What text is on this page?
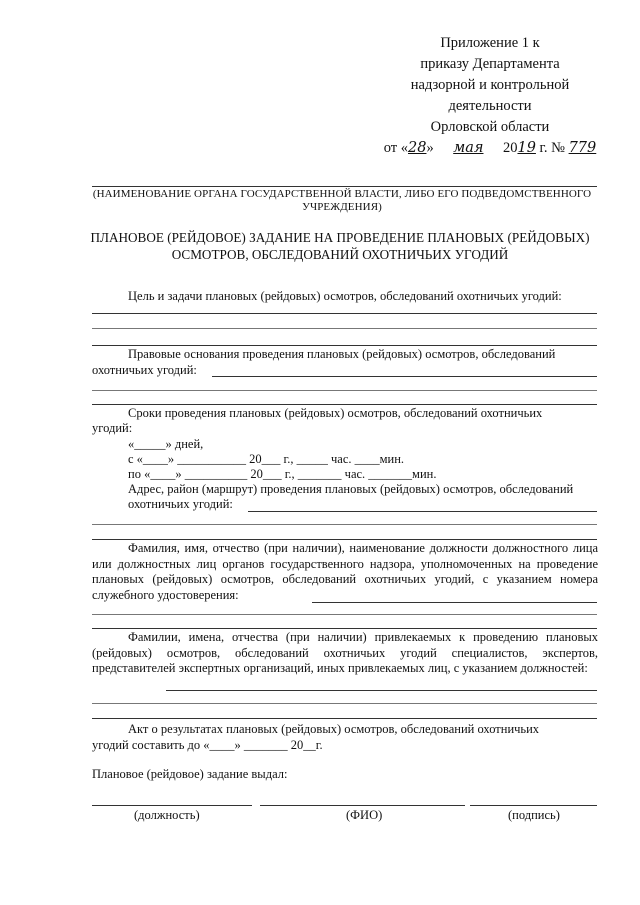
Приложение 1 к
приказу Департамента
надзорной и контрольной
деятельности
Орловской области
от «28» мая 2019 г. № 779
(НАИМЕНОВАНИЕ ОРГАНА ГОСУДАРСТВЕННОЙ ВЛАСТИ, ЛИБО ЕГО ПОДВЕДОМСТВЕННОГО УЧРЕЖДЕНИЯ)
ПЛАНОВОЕ (РЕЙДОВОЕ) ЗАДАНИЕ НА ПРОВЕДЕНИЕ ПЛАНОВЫХ (РЕЙДОВЫХ) ОСМОТРОВ, ОБСЛЕДОВАНИЙ ОХОТНИЧЬИХ УГОДИЙ
Цель и задачи плановых (рейдовых) осмотров, обследований охотничьих угодий:
Правовые основания проведения плановых (рейдовых) осмотров, обследований
охотничьих угодий:
Сроки проведения плановых (рейдовых) осмотров, обследований охотничьих
угодий:
«_____» дней,
с «____» ___________ 20___ г., _____ час. ____мин.
по «____» __________ 20___ г., _______ час. _______мин.
Адрес, район (маршрут) проведения плановых (рейдовых) осмотров, обследований
охотничьих угодий:
Фамилия, имя, отчество (при наличии), наименование должности должностного лица или должностных лиц органов государственного надзора, уполномоченных на проведение плановых (рейдовых) осмотров, обследований охотничьих угодий, с указанием номера служебного удостоверения:
Фамилии, имена, отчества (при наличии) привлекаемых к проведению плановых (рейдовых) осмотров, обследований охотничьих угодий специалистов, экспертов, представителей экспертных организаций, иных привлекаемых лиц, с указанием должностей:
Акт о результатах плановых (рейдовых) осмотров, обследований охотничьих
угодий составить до «____» _______ 20__г.
Плановое (рейдовое) задание выдал:
(должность)	(ФИО)	(подпись)
